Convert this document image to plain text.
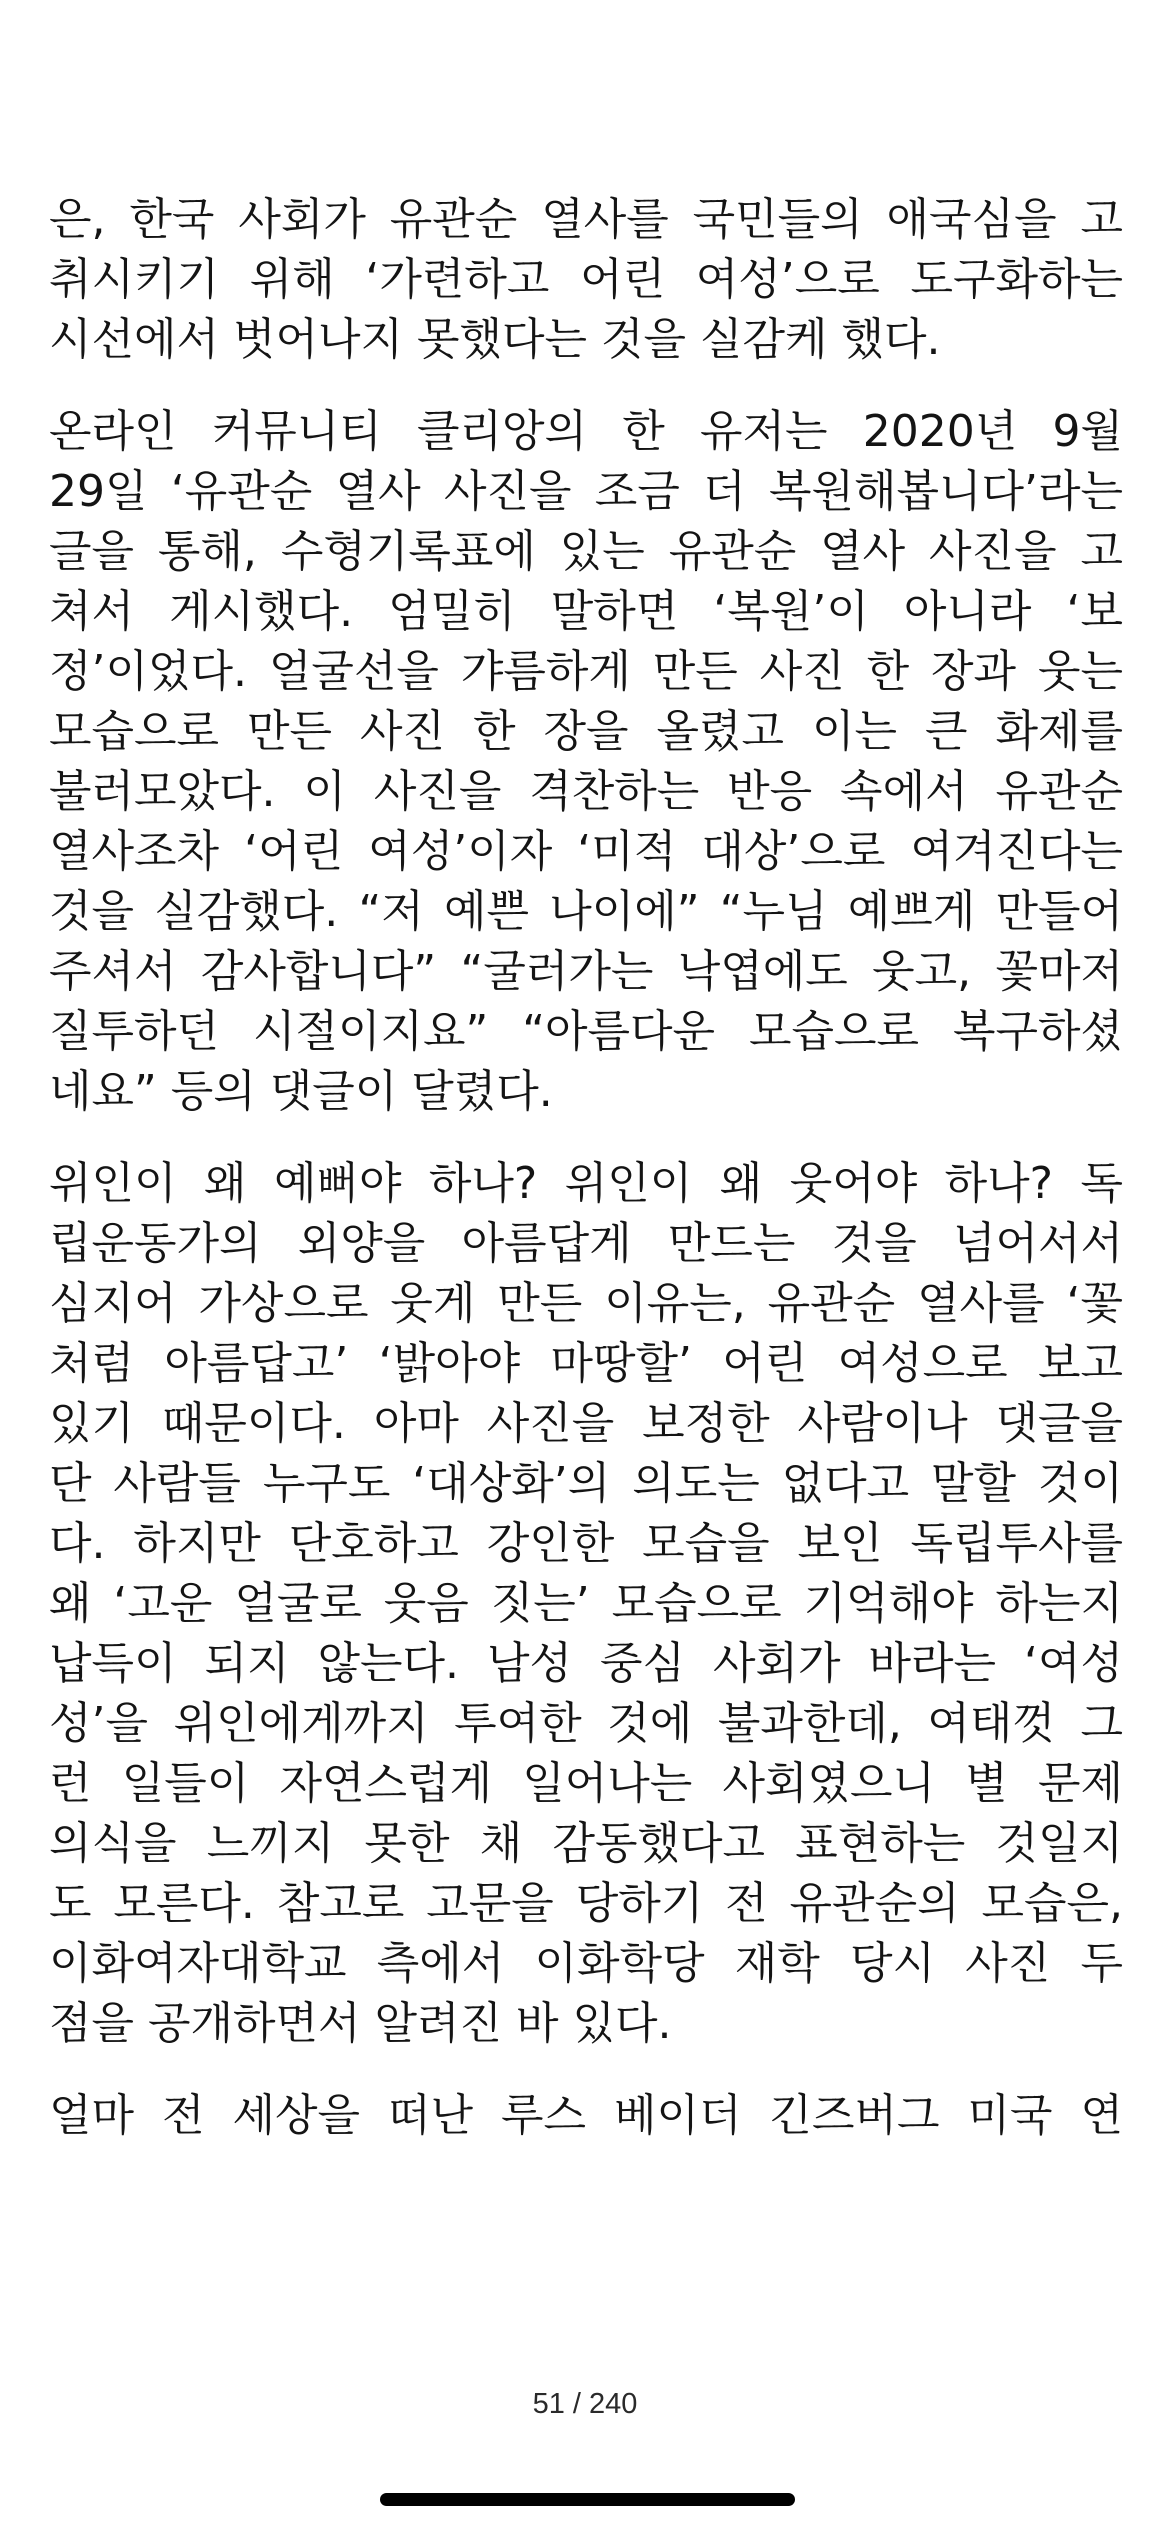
은, 한국 사회가 유관순 열사를 국민들의 애국심을 고
취시키기 위해 ‘가련하고 어린 여성’으로 도구화하는
시선에서 벗어나지 못했다는 것을 실감케 했다.
온라인 커뮤니티 클리앙의 한 유저는 2020년 9월
29일 ‘유관순 열사 사진을 조금 더 복원해봅니다’라는
글을 통해, 수형기록표에 있는 유관순 열사 사진을 고
쳐서 게시했다. 엄밀히 말하면 ‘복원’이 아니라 ‘보
정’이었다. 얼굴선을 갸름하게 만든 사진 한 장과 웃는
모습으로 만든 사진 한 장을 올렸고 이는 큰 화제를
불러모았다. 이 사진을 격찬하는 반응 속에서 유관순
열사조차 ‘어린 여성’이자 ‘미적 대상’으로 여겨진다는
것을 실감했다. “저 예쁜 나이에” “누님 예쁘게 만들어
주셔서 감사합니다” “굴러가는 낙엽에도 웃고, 꽃마저
질투하던 시절이지요” “아름다운 모습으로 복구하셨
네요” 등의 댓글이 달렸다.
위인이 왜 예뻐야 하나? 위인이 왜 웃어야 하나? 독
립운동가의 외양을 아름답게 만드는 것을 넘어서서
심지어 가상으로 웃게 만든 이유는, 유관순 열사를 ‘꽃
처럼 아름답고’ ‘밝아야 마땅할’ 어린 여성으로 보고
있기 때문이다. 아마 사진을 보정한 사람이나 댓글을
단 사람들 누구도 ‘대상화’의 의도는 없다고 말할 것이
다. 하지만 단호하고 강인한 모습을 보인 독립투사를
왜 ‘고운 얼굴로 웃음 짓는’ 모습으로 기억해야 하는지
납득이 되지 않는다. 남성 중심 사회가 바라는 ‘여성
성’을 위인에게까지 투여한 것에 불과한데, 여태껏 그
런 일들이 자연스럽게 일어나는 사회였으니 별 문제
의식을 느끼지 못한 채 감동했다고 표현하는 것일지
도 모른다. 참고로 고문을 당하기 전 유관순의 모습은,
이화여자대학교 측에서 이화학당 재학 당시 사진 두
점을 공개하면서 알려진 바 있다.
얼마 전 세상을 떠난 루스 베이더 긴즈버그 미국 연
51 / 240
